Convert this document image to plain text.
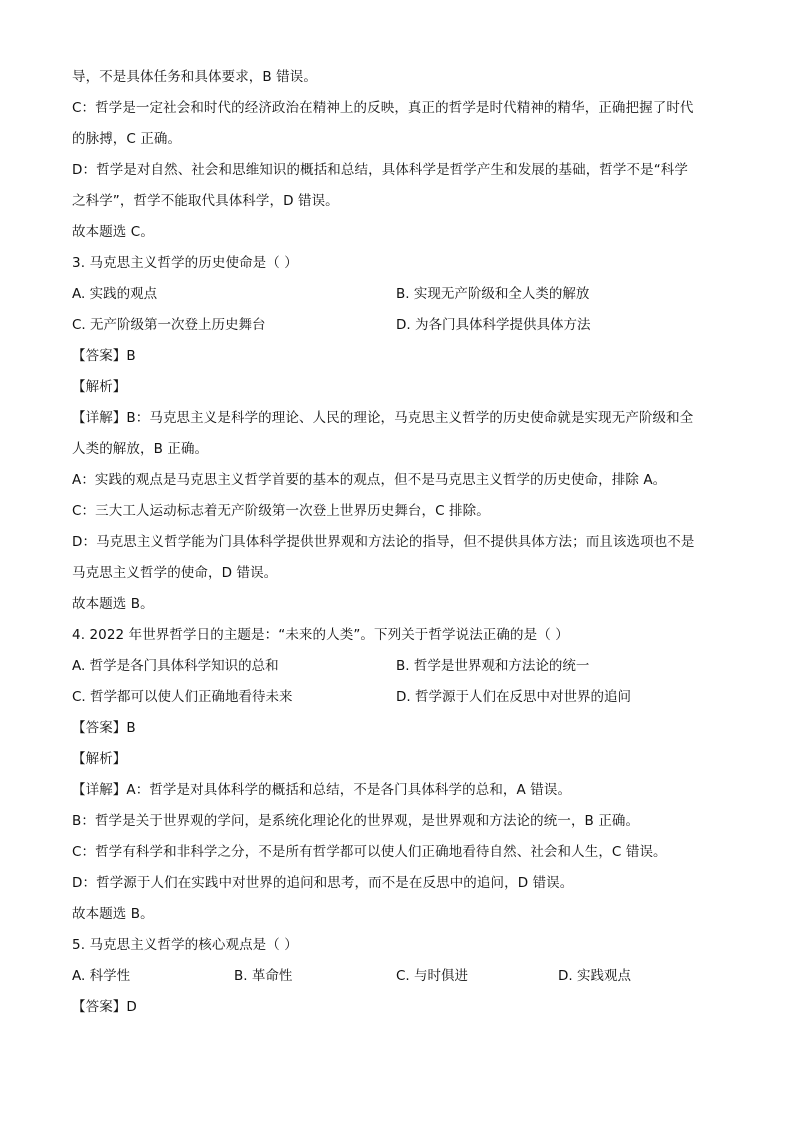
导，不是具体任务和具体要求，B 错误。
C：哲学是一定社会和时代的经济政治在精神上的反映，真正的哲学是时代精神的精华，正确把握了时代
的脉搏，C 正确。
D：哲学是对自然、社会和思维知识的概括和总结，具体科学是哲学产生和发展的基础，哲学不是“科学
之科学”，哲学不能取代具体科学，D 错误。
故本题选 C。
3. 马克思主义哲学的历史使命是（ ）
A. 实践的观点	B. 实现无产阶级和全人类的解放
C. 无产阶级第一次登上历史舞台	D. 为各门具体科学提供具体方法
【答案】B
【解析】
【详解】B：马克思主义是科学的理论、人民的理论，马克思主义哲学的历史使命就是实现无产阶级和全
人类的解放，B 正确。
A：实践的观点是马克思主义哲学首要的基本的观点，但不是马克思主义哲学的历史使命，排除 A。
C：三大工人运动标志着无产阶级第一次登上世界历史舞台，C 排除。
D：马克思主义哲学能为门具体科学提供世界观和方法论的指导，但不提供具体方法；而且该选项也不是
马克思主义哲学的使命，D 错误。
故本题选 B。
4. 2022 年世界哲学日的主题是：“未来的人类”。下列关于哲学说法正确的是（ ）
A. 哲学是各门具体科学知识的总和	B. 哲学是世界观和方法论的统一
C. 哲学都可以使人们正确地看待未来	D. 哲学源于人们在反思中对世界的追问
【答案】B
【解析】
【详解】A：哲学是对具体科学的概括和总结，不是各门具体科学的总和，A 错误。
B：哲学是关于世界观的学问，是系统化理论化的世界观，是世界观和方法论的统一，B 正确。
C：哲学有科学和非科学之分，不是所有哲学都可以使人们正确地看待自然、社会和人生，C 错误。
D：哲学源于人们在实践中对世界的追问和思考，而不是在反思中的追问，D 错误。
故本题选 B。
5. 马克思主义哲学的核心观点是（ ）
A. 科学性	B. 革命性	C. 与时俱进	D. 实践观点
【答案】D
